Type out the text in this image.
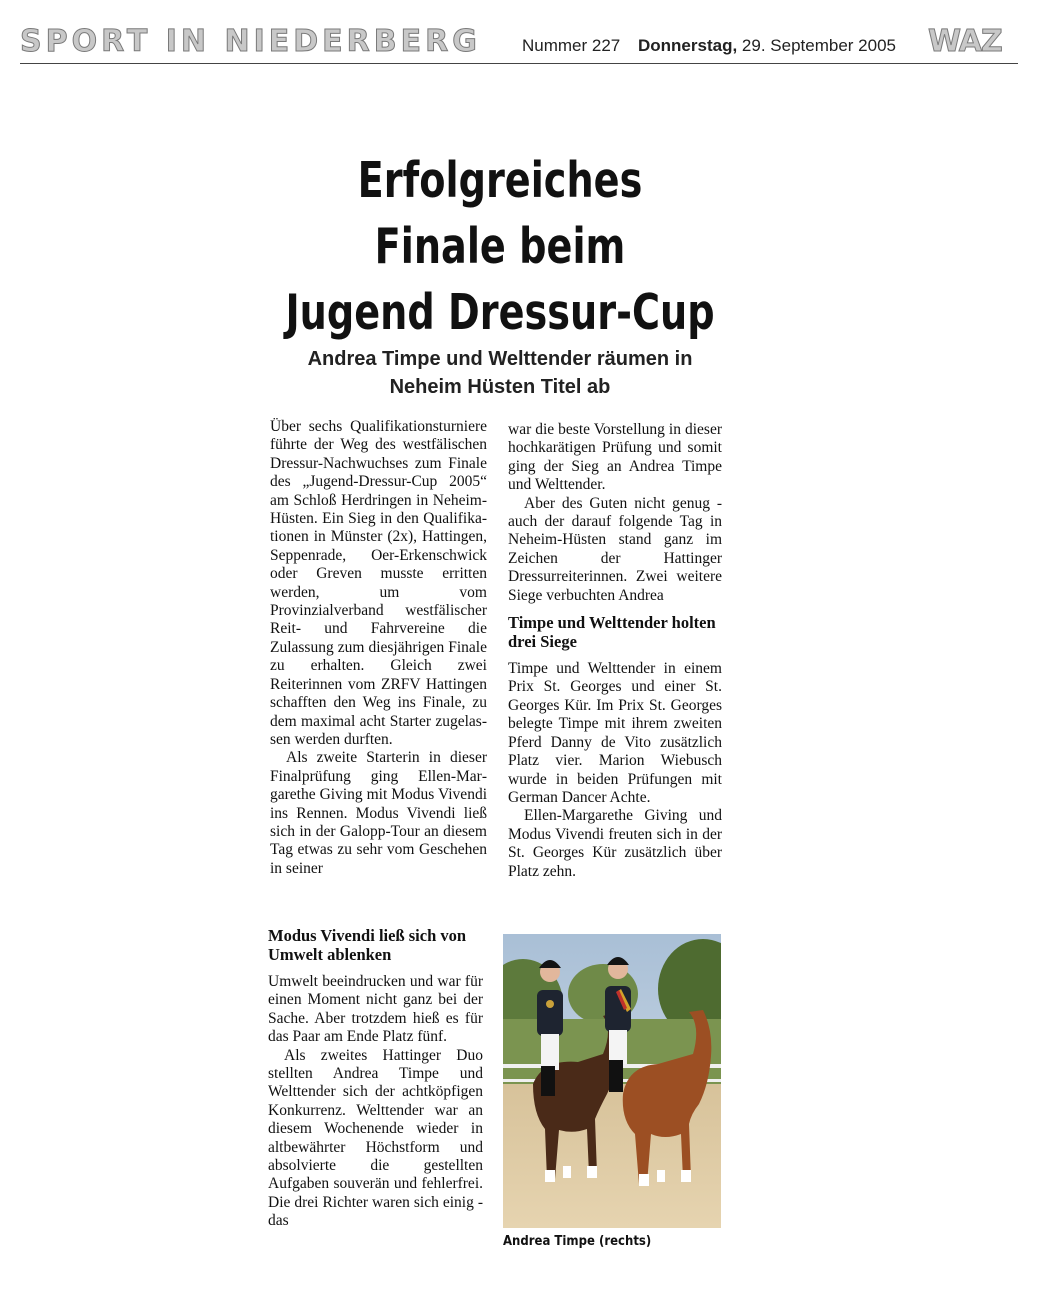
SPORT IN NIEDERBERG Nummer 227 Donnerstag, 29. September 2005 WAZ
Erfolgreiches
Finale beim
Jugend Dressur-Cup
Andrea Timpe und Welttender räumen in
Neheim Hüsten Titel ab

Über sechs Qualifikationsturniere führte der Weg des westfälischen Dressur-Nachwuchses zum Finale des „Jugend-Dressur-Cup 2005“ am Schloß Herdringen in Neheim-Hüsten. Ein Sieg in den Qualifikationen in Münster (2x), Hattingen, Seppenrade, Oer-Erkenschwick oder Greven musste erritten werden, um vom Provinzialverband westfälischer Reit- und Fahrvereine die Zulassung zum diesjährigen Finale zu erhalten. Gleich zwei Reiterinnen vom ZRFV Hattingen schafften den Weg ins Finale, zu dem maximal acht Starter zugelassen werden durften.

Als zweite Starterin in dieser Finalprüfung ging Ellen-Margarethe Giving mit Modus Vivendi ins Rennen. Modus Vivendi ließ sich in der Galopp-Tour an diesem Tag etwas zu sehr vom Geschehen in seiner

Modus Vivendi ließ sich von Umwelt ablenken

Umwelt beeindrucken und war für einen Moment nicht ganz bei der Sache. Aber trotzdem hieß es für das Paar am Ende Platz fünf.

Als zweites Hattinger Duo stellten Andrea Timpe und Welttender sich der achtköpfigen Konkurrenz. Welttender war an diesem Wochenende wieder in altbewährter Höchstform und absolvierte die gestellten Aufgaben souverän und fehlerfrei. Die drei Richter waren sich einig - das

war die beste Vorstellung in dieser hochkarätigen Prüfung und somit ging der Sieg an Andrea Timpe und Welttender.

Aber des Guten nicht genug - auch der darauf folgende Tag in Neheim-Hüsten stand ganz im Zeichen der Hattinger Dressurreiterinnen. Zwei weitere Siege verbuchten Andrea

Timpe und Welttender holten drei Siege

Timpe und Welttender in einem Prix St. Georges und einer St. Georges Kür. Im Prix St. Georges belegte Timpe mit ihrem zweiten Pferd Danny de Vito zusätzlich Platz vier. Marion Wiebusch wurde in beiden Prüfungen mit German Dancer Achte.

Ellen-Margarethe Giving und Modus Vivendi freuten sich in der St. Georges Kür zusätzlich über Platz zehn.

Andrea Timpe (rechts)
